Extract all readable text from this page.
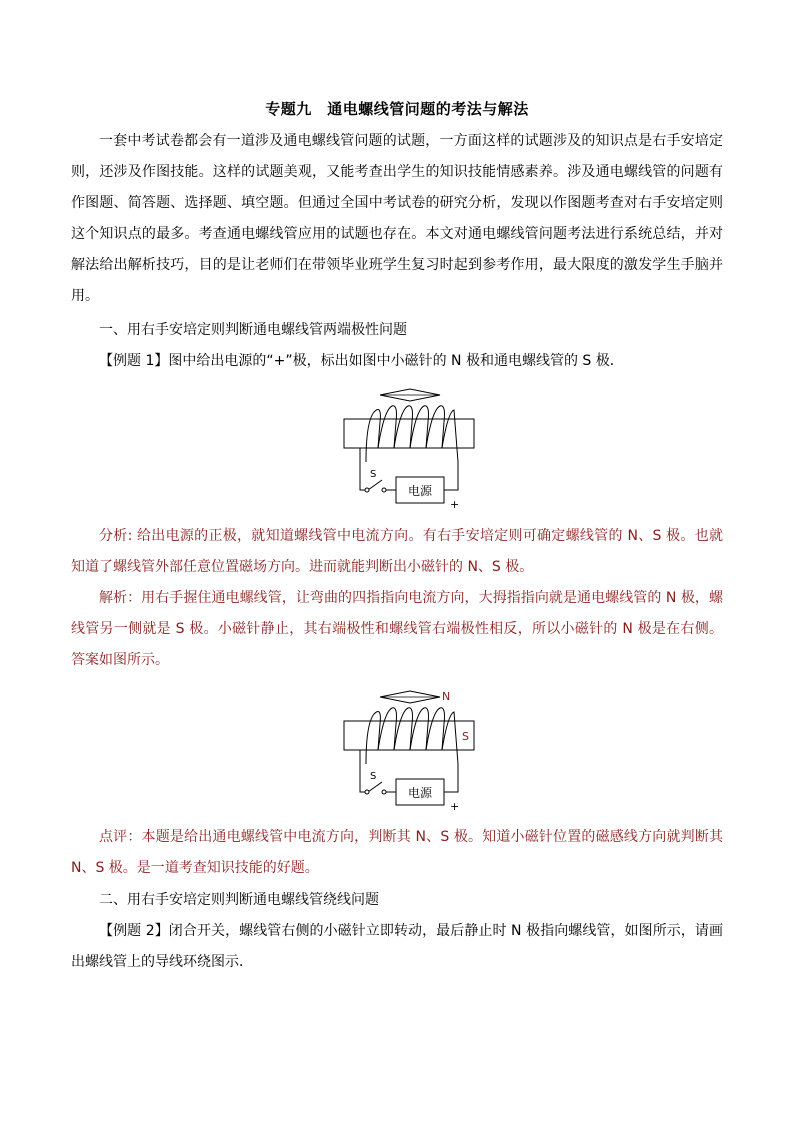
专题九　通电螺线管问题的考法与解法

一套中考试卷都会有一道涉及通电螺线管问题的试题，一方面这样的试题涉及的知识点是右手安培定则，还涉及作图技能。这样的试题美观，又能考查出学生的知识技能情感素养。涉及通电螺线管的问题有作图题、简答题、选择题、填空题。但通过全国中考试卷的研究分析，发现以作图题考查对右手安培定则这个知识点的最多。考查通电螺线管应用的试题也存在。本文对通电螺线管问题考法进行系统总结，并对解法给出解析技巧，目的是让老师们在带领毕业班学生复习时起到参考作用，最大限度的激发学生手脑并用。

一、用右手安培定则判断通电螺线管两端极性问题
【例题 1】图中给出电源的“+”极，标出如图中小磁针的 N 极和通电螺线管的 S 极．
S
电源
+

分析: 给出电源的正极，就知道螺线管中电流方向。有右手安培定则可确定螺线管的 N、S 极。也就知道了螺线管外部任意位置磁场方向。进而就能判断出小磁针的 N、S 极。

解析：用右手握住通电螺线管，让弯曲的四指指向电流方向，大拇指指向就是通电螺线管的 N 极，螺线管另一侧就是 S 极。小磁针静止，其右端极性和螺线管右端极性相反，所以小磁针的 N 极是在右侧。答案如图所示。

N
S
S
电源
+

点评：本题是给出通电螺线管中电流方向，判断其 N、S 极。知道小磁针位置的磁感线方向就判断其 N、S 极。是一道考查知识技能的好题。

二、用右手安培定则判断通电螺线管绕线问题

【例题 2】闭合开关，螺线管右侧的小磁针立即转动，最后静止时 N 极指向螺线管，如图所示，请画出螺线管上的导线环绕图示．
